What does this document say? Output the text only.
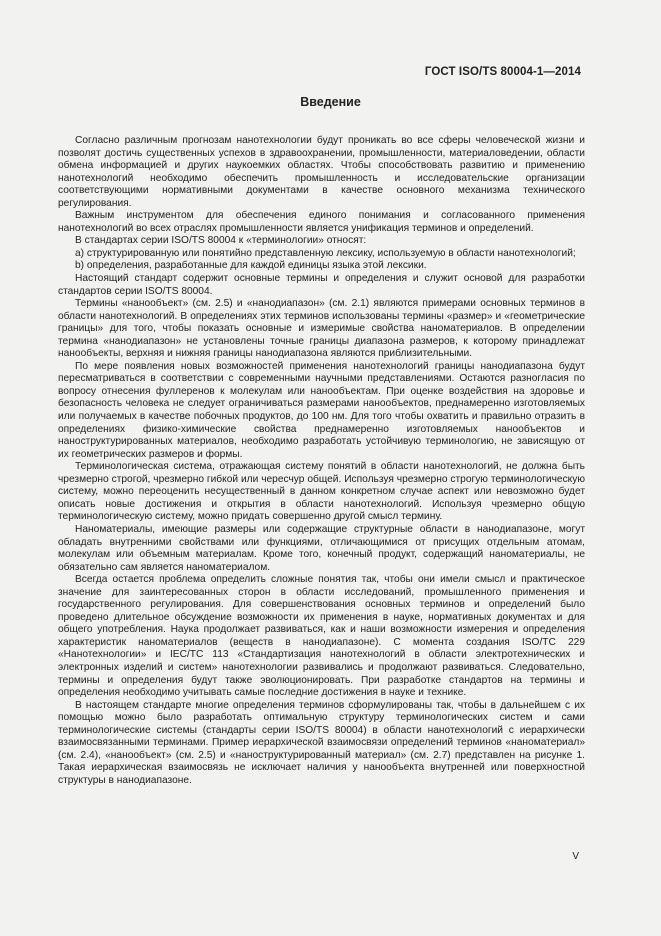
ГОСТ ISO/TS 80004-1—2014
Введение

Согласно различным прогнозам нанотехнологии будут проникать во все сферы человеческой жизни и позволят достичь существенных успехов в здравоохранении, промышленности, материаловедении, области обмена информацией и других наукоемких областях. Чтобы способствовать развитию и применению нанотехнологий необходимо обеспечить промышленность и исследовательские организации соответствующими нормативными документами в качестве основного механизма технического регулирования.

Важным инструментом для обеспечения единого понимания и согласованного применения нанотехнологий во всех отраслях промышленности является унификация терминов и определений.

В стандартах серии ISO/TS 80004 к «терминологии» относят:

a) структурированную или понятийно представленную лексику, используемую в области нанотехнологий;

b) определения, разработанные для каждой единицы языка этой лексики.

Настоящий стандарт содержит основные термины и определения и служит основой для разработки стандартов серии ISO/TS 80004.

Термины «нанообъект» (см. 2.5) и «нанодиапазон» (см. 2.1) являются примерами основных терминов в области нанотехнологий. В определениях этих терминов использованы термины «размер» и «геометрические границы» для того, чтобы показать основные и измеримые свойства наноматериалов. В определении термина «нанодиапазон» не установлены точные границы диапазона размеров, к которому принадлежат нанообъекты, верхняя и нижняя границы нанодиапазона являются приблизительными.

По мере появления новых возможностей применения нанотехнологий границы нанодиапазона будут пересматриваться в соответствии с современными научными представлениями. Остаются разногласия по вопросу отнесения фуллеренов к молекулам или нанообъектам. При оценке воздействия на здоровье и безопасность человека не следует ограничиваться размерами нанообъектов, преднамеренно изготовляемых или получаемых в качестве побочных продуктов, до 100 нм. Для того чтобы охватить и правильно отразить в определениях физико-химические свойства преднамеренно изготовляемых нанообъектов и наноструктурированных материалов, необходимо разработать устойчивую терминологию, не зависящую от их геометрических размеров и формы.

Терминологическая система, отражающая систему понятий в области нанотехнологий, не должна быть чрезмерно строгой, чрезмерно гибкой или чересчур общей. Используя чрезмерно строгую терминологическую систему, можно переоценить несущественный в данном конкретном случае аспект или невозможно будет описать новые достижения и открытия в области нанотехнологий. Используя чрезмерно общую терминологическую систему, можно придать совершенно другой смысл термину.

Наноматериалы, имеющие размеры или содержащие структурные области в нанодиапазоне, могут обладать внутренними свойствами или функциями, отличающимися от присущих отдельным атомам, молекулам или объемным материалам. Кроме того, конечный продукт, содержащий наноматериалы, не обязательно сам является наноматериалом.

Всегда остается проблема определить сложные понятия так, чтобы они имели смысл и практическое значение для заинтересованных сторон в области исследований, промышленного применения и государственного регулирования. Для совершенствования основных терминов и определений было проведено длительное обсуждение возможности их применения в науке, нормативных документах и для общего употребления. Наука продолжает развиваться, как и наши возможности измерения и определения характеристик наноматериалов (веществ в нанодиапазоне). С момента создания ISO/TC 229 «Нанотехнологии» и IEC/TC 113 «Стандартизация нанотехнологий в области электротехнических и электронных изделий и систем» нанотехнологии развивались и продолжают развиваться. Следовательно, термины и определения будут также эволюционировать. При разработке стандартов на термины и определения необходимо учитывать самые последние достижения в науке и технике.

В настоящем стандарте многие определения терминов сформулированы так, чтобы в дальнейшем с их помощью можно было разработать оптимальную структуру терминологических систем и сами терминологические системы (стандарты серии ISO/TS 80004) в области нанотехнологий с иерархически взаимосвязанными терминами. Пример иерархической взаимосвязи определений терминов «наноматериал» (см. 2.4), «нанообъект» (см. 2.5) и «наноструктурированный материал» (см. 2.7) представлен на рисунке 1. Такая иерархическая взаимосвязь не исключает наличия у нанообъекта внутренней или поверхностной структуры в нанодиапазоне.

V
